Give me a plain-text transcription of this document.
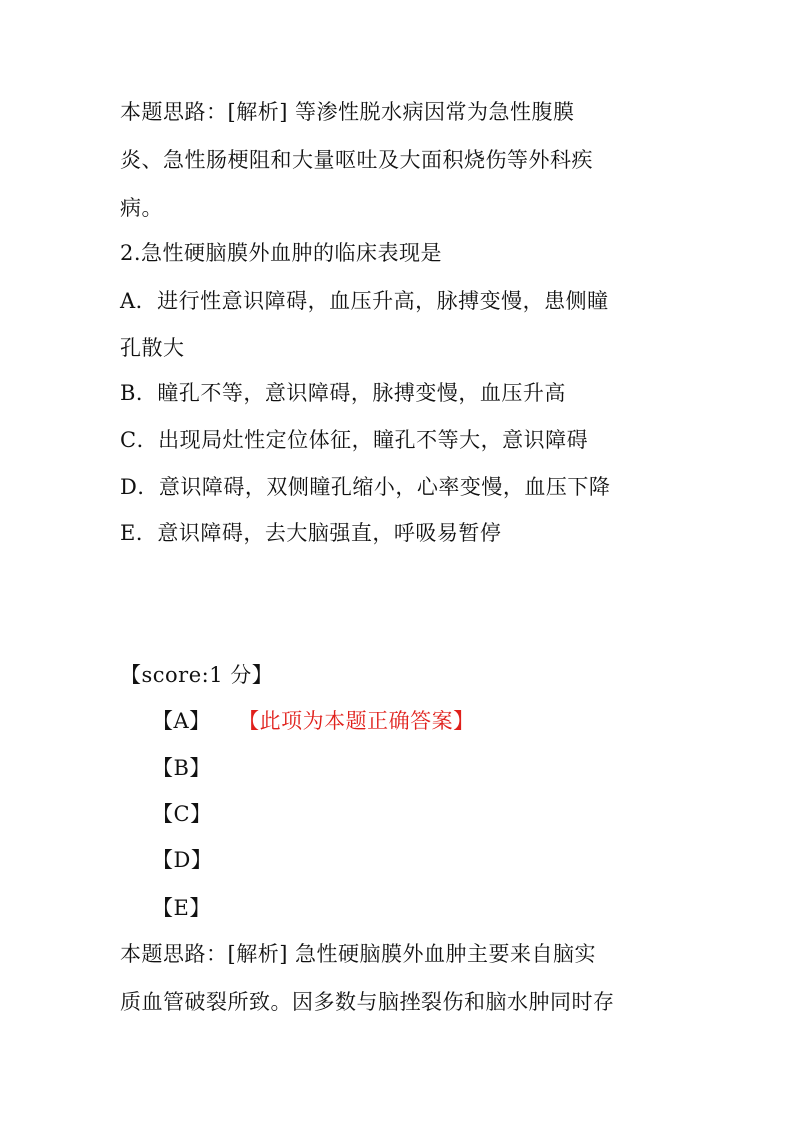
本题思路：[解析] 等渗性脱水病因常为急性腹膜
炎、急性肠梗阻和大量呕吐及大面积烧伤等外科疾
病。
2.急性硬脑膜外血肿的临床表现是
A．进行性意识障碍，血压升高，脉搏变慢，患侧瞳
孔散大
B．瞳孔不等，意识障碍，脉搏变慢，血压升高
C．出现局灶性定位体征，瞳孔不等大，意识障碍
D．意识障碍，双侧瞳孔缩小，心率变慢，血压下降
E．意识障碍，去大脑强直，呼吸易暂停
【score:1 分】
【A】 【此项为本题正确答案】
【B】
【C】
【D】
【E】
本题思路：[解析] 急性硬脑膜外血肿主要来自脑实
质血管破裂所致。因多数与脑挫裂伤和脑水肿同时存
